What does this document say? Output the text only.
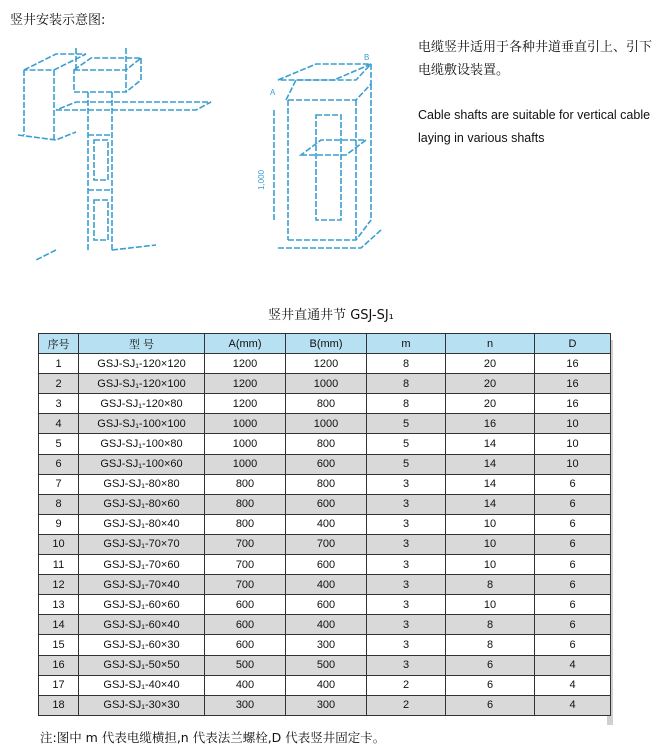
竖井安装示意图:
B
A
1,000
电缆竖井适用于各种井道垂直引上、引下电缆敷设装置。
Cable shafts are suitable for vertical cable laying in various shafts
竖井直通井节 GSJ-SJ₁
序号	型 号	A(mm)	B(mm)	m	n	D
1	GSJ-SJ₁-120×120	1200	1200	8	20	16
2	GSJ-SJ₁-120×100	1200	1000	8	20	16
3	GSJ-SJ₁-120×80	1200	800	8	20	16
4	GSJ-SJ₁-100×100	1000	1000	5	16	10
5	GSJ-SJ₁-100×80	1000	800	5	14	10
6	GSJ-SJ₁-100×60	1000	600	5	14	10
7	GSJ-SJ₁-80×80	800	800	3	14	6
8	GSJ-SJ₁-80×60	800	600	3	14	6
9	GSJ-SJ₁-80×40	800	400	3	10	6
10	GSJ-SJ₁-70×70	700	700	3	10	6
11	GSJ-SJ₁-70×60	700	600	3	10	6
12	GSJ-SJ₁-70×40	700	400	3	8	6
13	GSJ-SJ₁-60×60	600	600	3	10	6
14	GSJ-SJ₁-60×40	600	400	3	8	6
15	GSJ-SJ₁-60×30	600	300	3	8	6
16	GSJ-SJ₁-50×50	500	500	3	6	4
17	GSJ-SJ₁-40×40	400	400	2	6	4
18	GSJ-SJ₁-30×30	300	300	2	6	4
注:图中 m 代表电缆横担,n 代表法兰螺栓,D 代表竖井固定卡。
